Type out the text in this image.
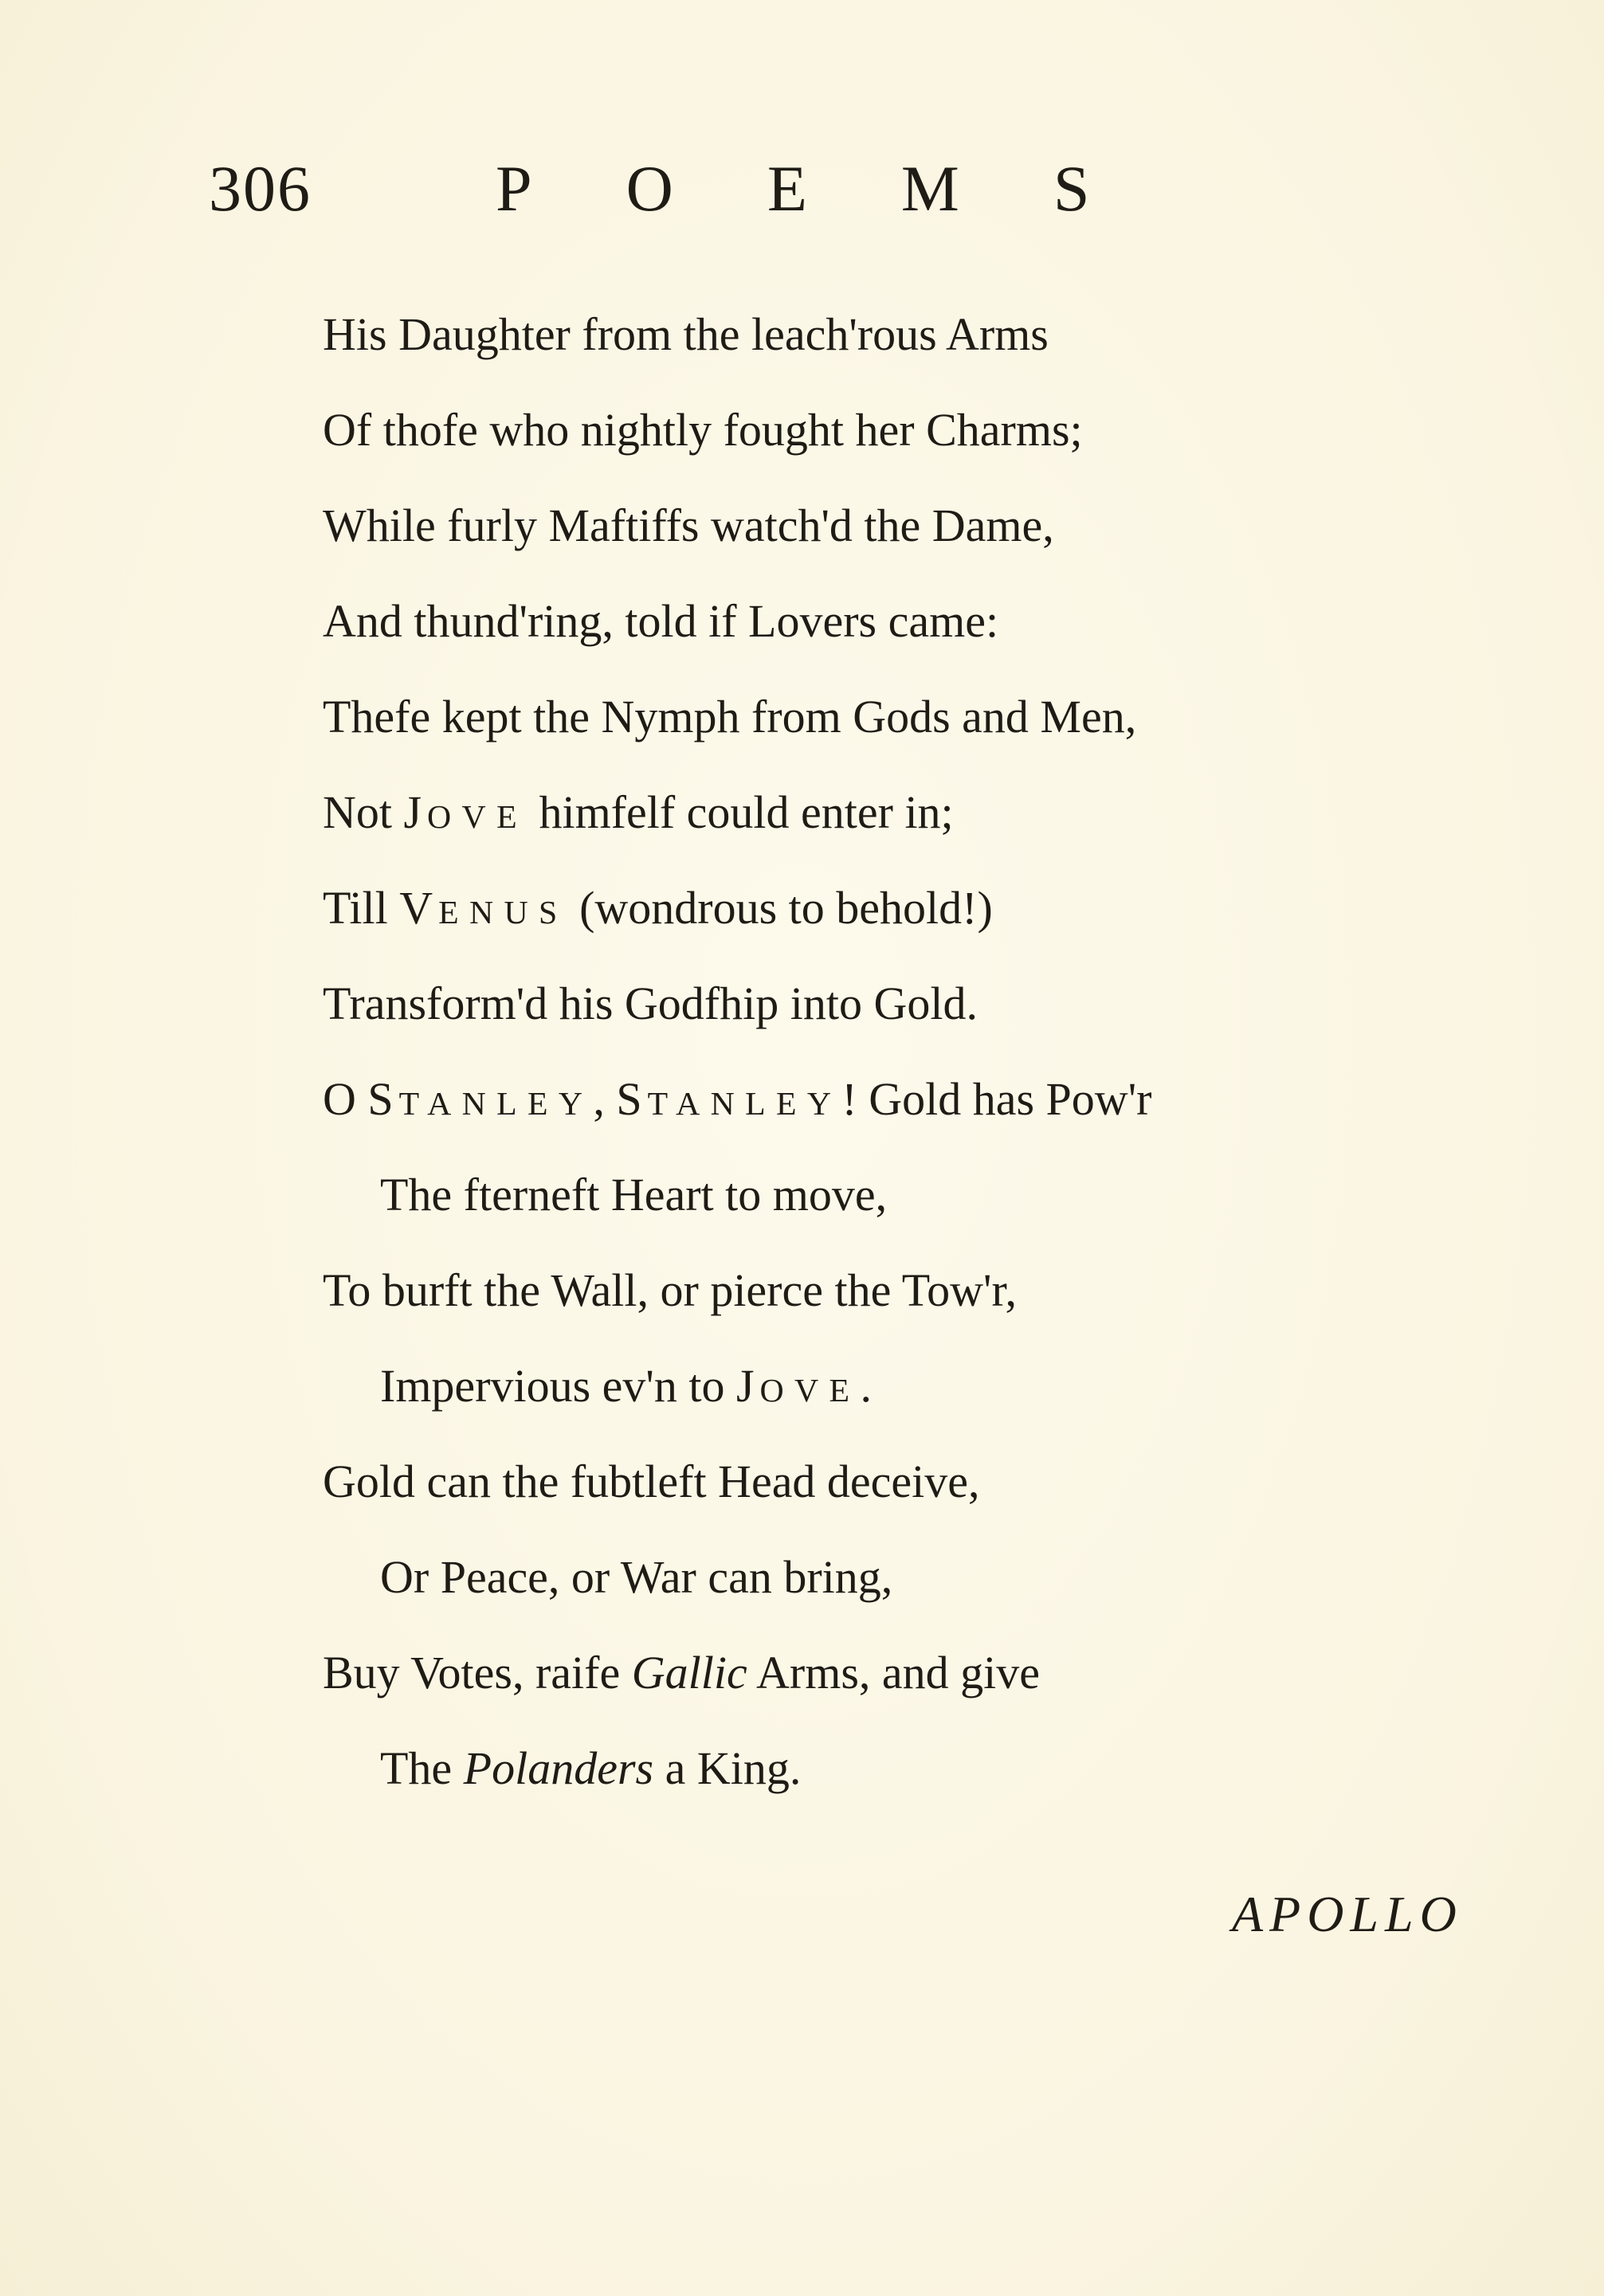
306	POEMS
His Daughter from the leach'rous Arms
Of thofe who nightly fought her Charms;
While furly Maftiffs watch'd the Dame,
And thund'ring, told if Lovers came:
Thefe kept the Nymph from Gods and Men,
Not JOVE himfelf could enter in;
Till VENUS (wondrous to behold!)
Transform'd his Godfhip into Gold.
O STANLEY, STANLEY! Gold has Pow'r
The fterneft Heart to move,
To burft the Wall, or pierce the Tow'r,
Impervious ev'n to JOVE.
Gold can the fubtleft Head deceive,
Or Peace, or War can bring,
Buy Votes, raife Gallic Arms, and give
The Polanders a King.
APOLLO
